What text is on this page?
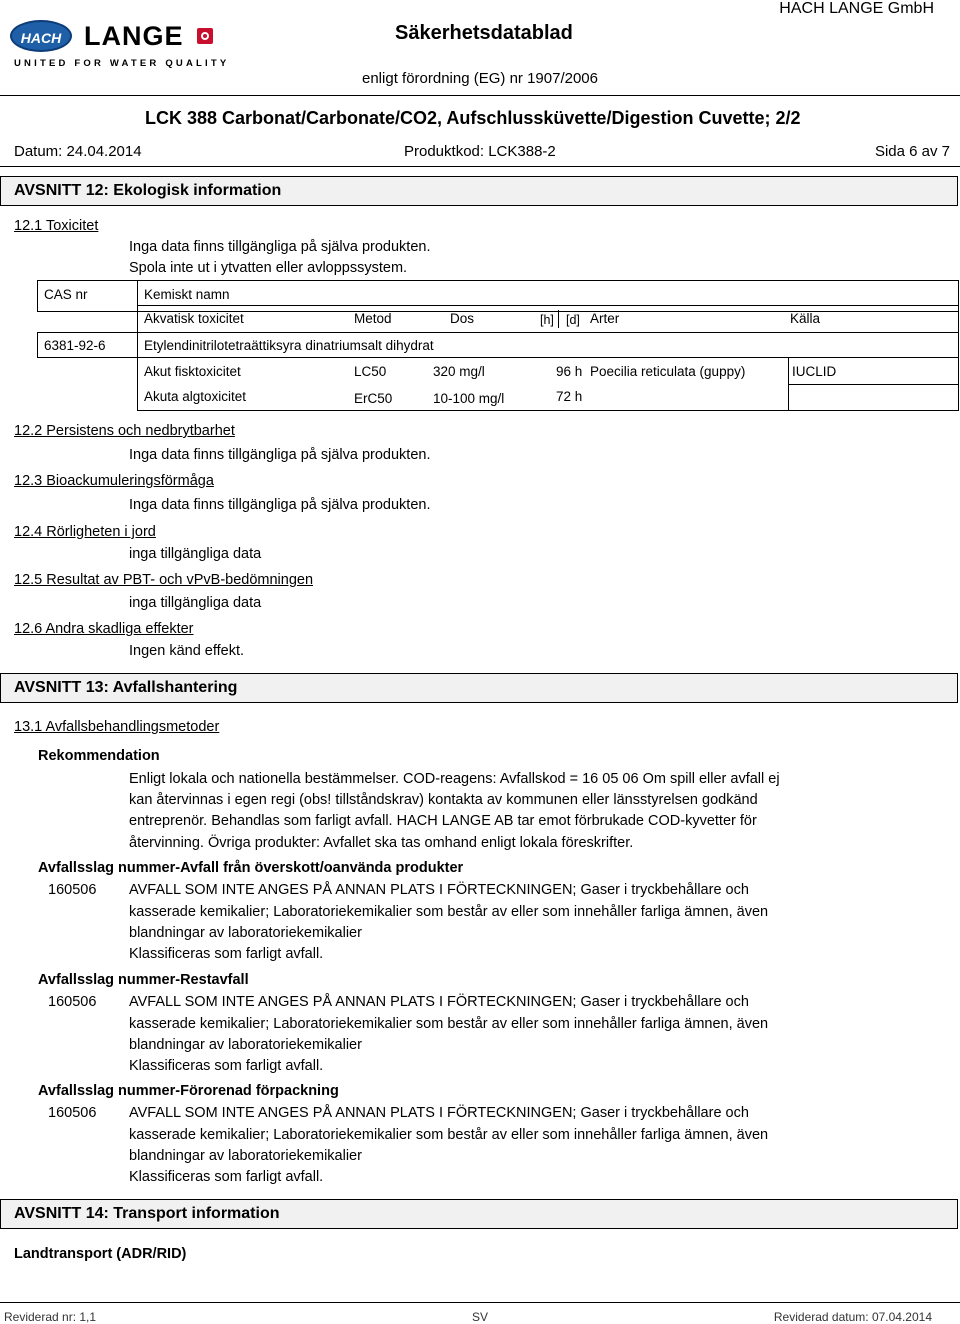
HACH LANGE
UNITED FOR WATER QUALITY
Säkerhetsdatablad
HACH LANGE GmbH
enligt förordning (EG) nr 1907/2006
LCK 388 Carbonat/Carbonate/CO2, Aufschlussküvette/Digestion Cuvette; 2/2
Datum: 24.04.2014	Produktkod: LCK388-2	Sida 6 av 7
AVSNITT 12: Ekologisk information
12.1 Toxicitet
Inga data finns tillgängliga på själva produkten.
Spola inte ut i ytvatten eller avloppssystem.
CAS nr	Kemiskt namn
Akvatisk toxicitet	Metod	Dos	[h] [d] Arter	Källa
6381-92-6	Etylendinitrilotetraättiksyra dinatriumsalt dihydrat
Akut fisktoxicitet	LC50	320 mg/l	96 h Poecilia reticulata (guppy)	IUCLID
Akuta algtoxicitet	ErC50	10-100 mg/l	72 h
12.2 Persistens och nedbrytbarhet
Inga data finns tillgängliga på själva produkten.
12.3 Bioackumuleringsförmåga
Inga data finns tillgängliga på själva produkten.
12.4 Rörligheten i jord
inga tillgängliga data
12.5 Resultat av PBT- och vPvB-bedömningen
inga tillgängliga data
12.6 Andra skadliga effekter
Ingen känd effekt.
AVSNITT 13: Avfallshantering
13.1 Avfallsbehandlingsmetoder
Rekommendation
Enligt lokala och nationella bestämmelser. COD-reagens: Avfallskod = 16 05 06 Om spill eller avfall ej
kan återvinnas i egen regi (obs! tillståndskrav) kontakta av kommunen eller länsstyrelsen godkänd
entreprenör. Behandlas som farligt avfall. HACH LANGE AB tar emot förbrukade COD-kyvetter för
återvinning. Övriga produkter: Avfallet ska tas omhand enligt lokala föreskrifter.
Avfallsslag nummer-Avfall från överskott/oanvända produkter
160506 AVFALL SOM INTE ANGES PÅ ANNAN PLATS I FÖRTECKNINGEN; Gaser i tryckbehållare och
kasserade kemikalier; Laboratoriekemikalier som består av eller som innehåller farliga ämnen, även
blandningar av laboratoriekemikalier
Klassificeras som farligt avfall.
Avfallsslag nummer-Restavfall
160506 AVFALL SOM INTE ANGES PÅ ANNAN PLATS I FÖRTECKNINGEN; Gaser i tryckbehållare och
kasserade kemikalier; Laboratoriekemikalier som består av eller som innehåller farliga ämnen, även
blandningar av laboratoriekemikalier
Klassificeras som farligt avfall.
Avfallsslag nummer-Förorenad förpackning
160506 AVFALL SOM INTE ANGES PÅ ANNAN PLATS I FÖRTECKNINGEN; Gaser i tryckbehållare och
kasserade kemikalier; Laboratoriekemikalier som består av eller som innehåller farliga ämnen, även
blandningar av laboratoriekemikalier
Klassificeras som farligt avfall.
AVSNITT 14: Transport information
Landtransport (ADR/RID)
Reviderad nr: 1,1	SV	Reviderad datum: 07.04.2014
